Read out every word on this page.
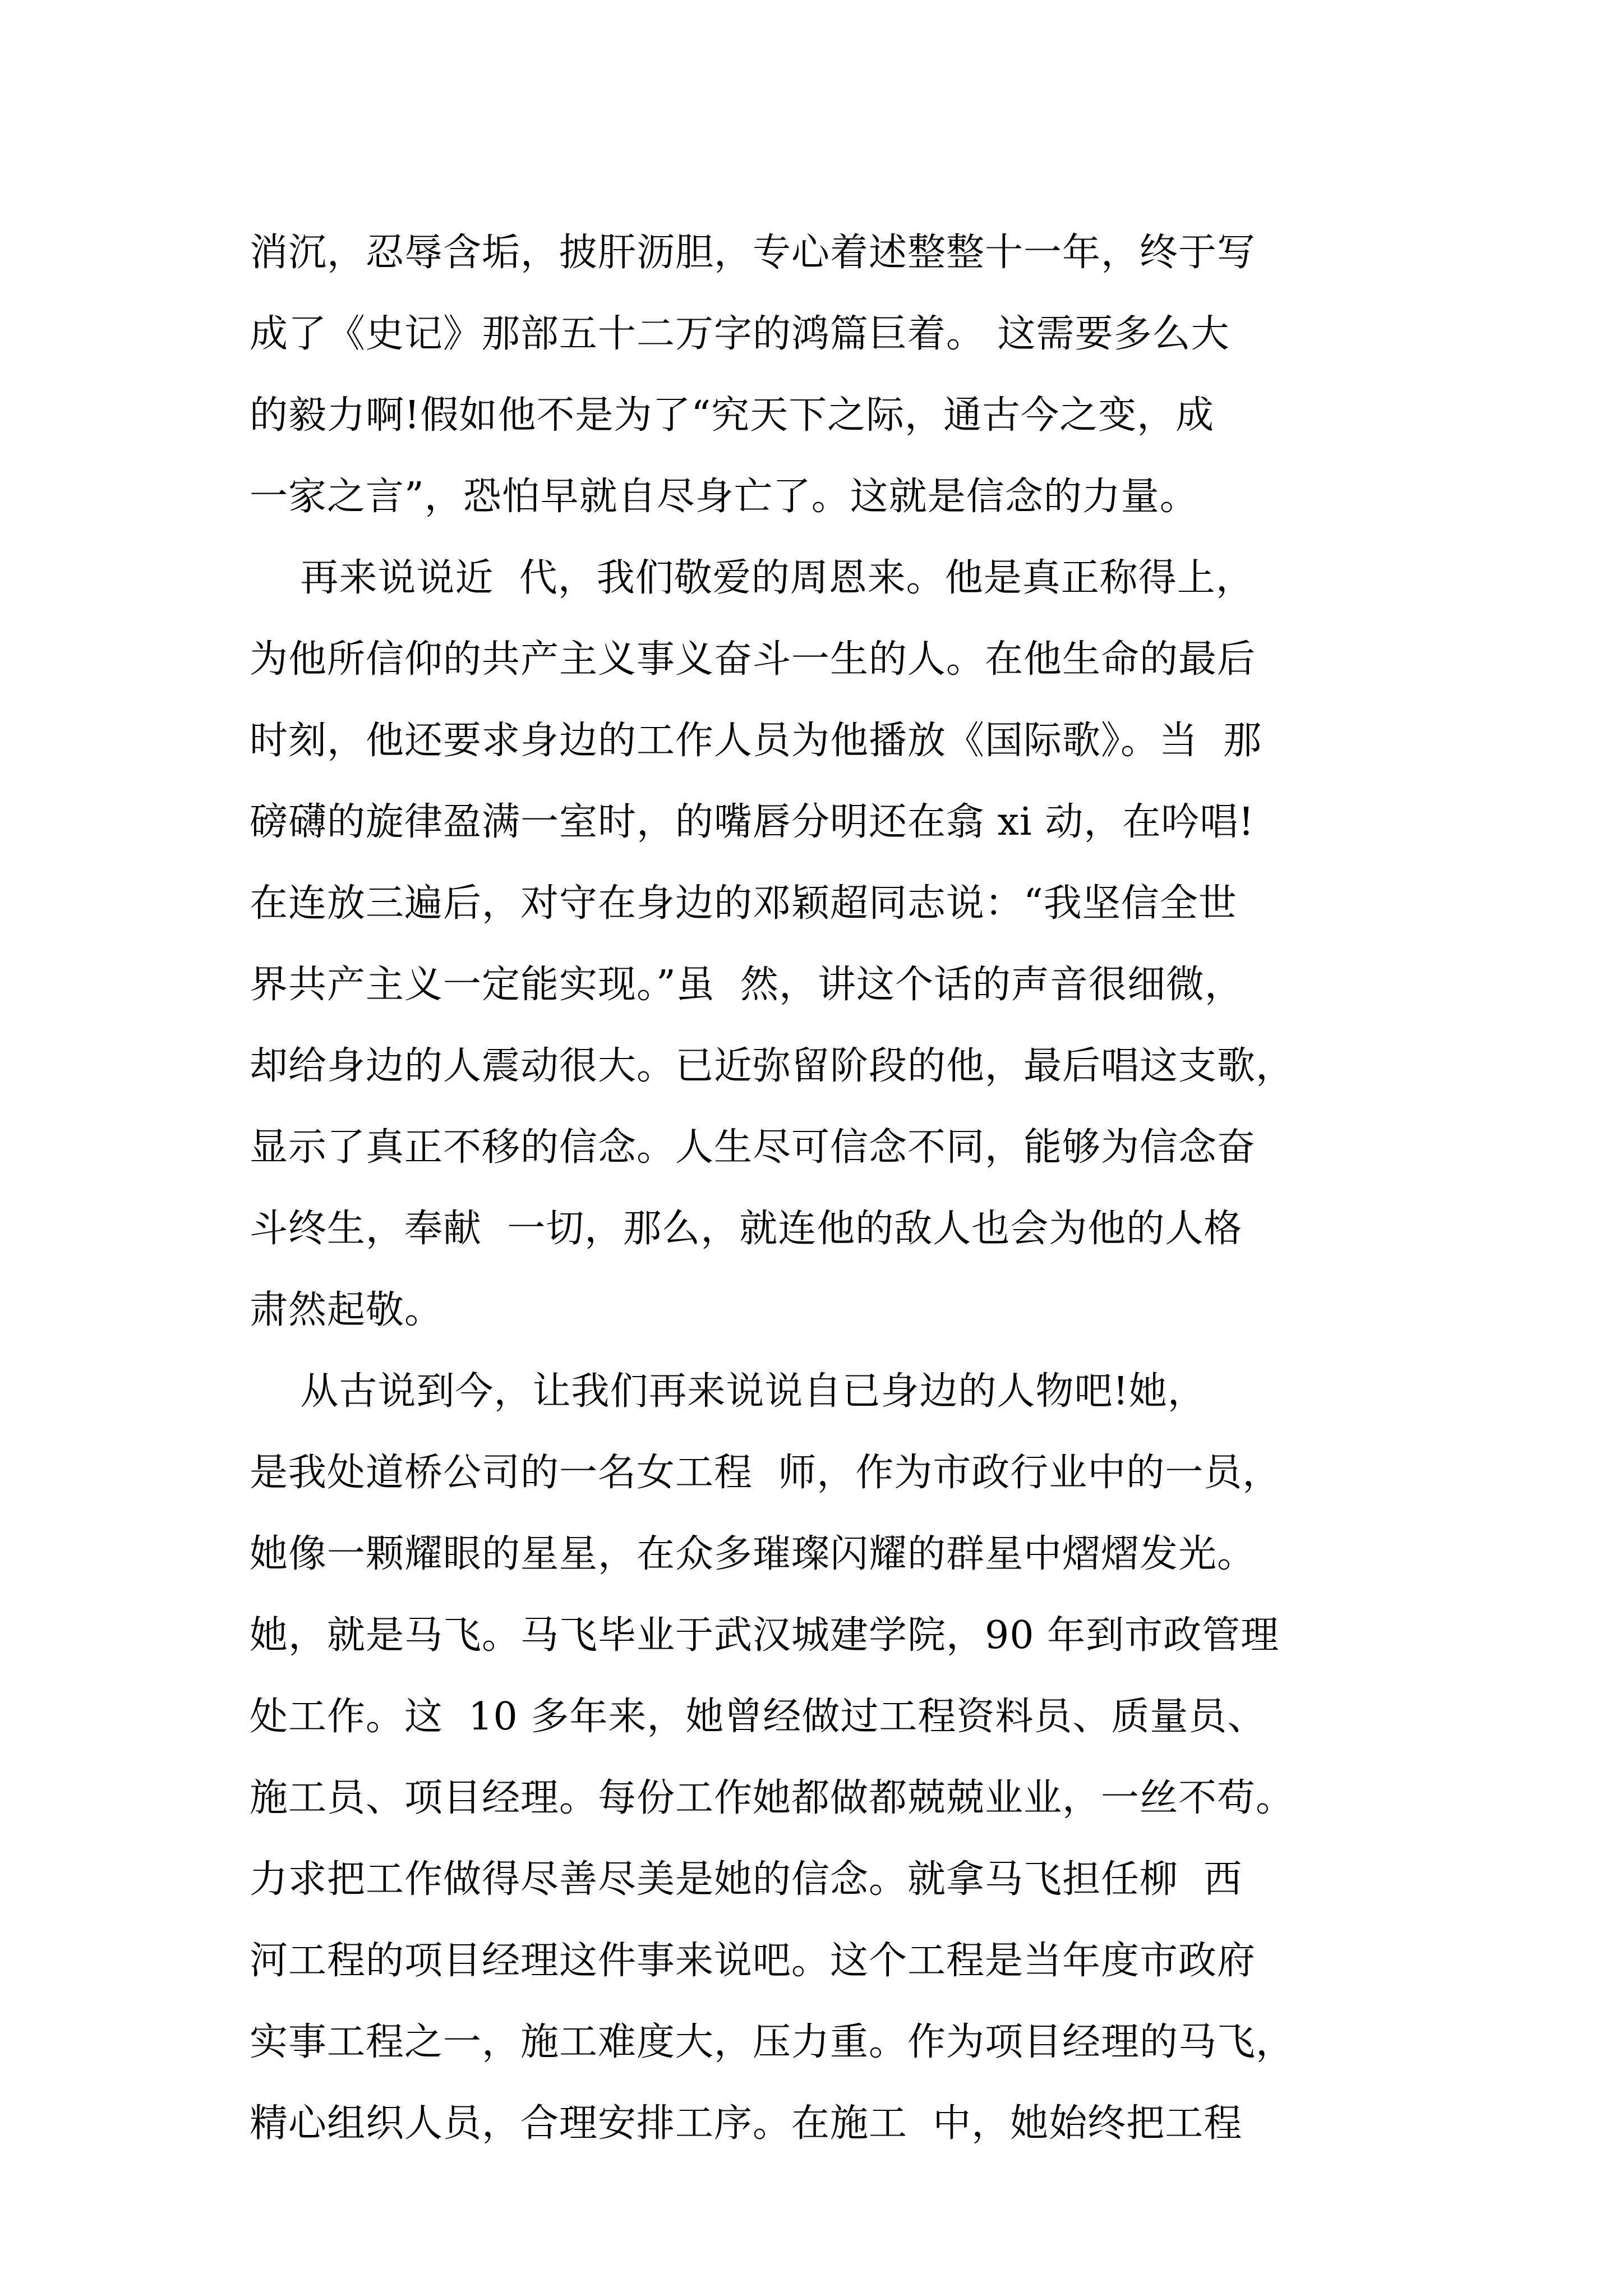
消沉，忍辱含垢，披肝沥胆，专心着述整整十一年，终于写
成了《史记》那部五十二万字的鸿篇巨着。 这需要多么大
的毅力啊!假如他不是为了“究天下之际，通古今之变，成
一家之言”，恐怕早就自尽身亡了。这就是信念的力量。
再来说说近  代，我们敬爱的周恩来。他是真正称得上，
为他所信仰的共产主义事义奋斗一生的人。在他生命的最后
时刻，他还要求身边的工作人员为他播放《国际歌》。当  那
磅礴的旋律盈满一室时，的嘴唇分明还在翕 xi 动，在吟唱!
在连放三遍后，对守在身边的邓颖超同志说：“我坚信全世
界共产主义一定能实现。”虽  然，讲这个话的声音很细微，
却给身边的人震动很大。已近弥留阶段的他，最后唱这支歌，
显示了真正不移的信念。人生尽可信念不同，能够为信念奋
斗终生，奉献  一切，那么，就连他的敌人也会为他的人格
肃然起敬。
从古说到今，让我们再来说说自已身边的人物吧!她，
是我处道桥公司的一名女工程  师，作为市政行业中的一员，
她像一颗耀眼的星星，在众多璀璨闪耀的群星中熠熠发光。
她，就是马飞。马飞毕业于武汉城建学院，90 年到市政管理
处工作。这  10 多年来，她曾经做过工程资料员、质量员、
施工员、项目经理。每份工作她都做都兢兢业业，一丝不苟。
力求把工作做得尽善尽美是她的信念。就拿马飞担任柳  西
河工程的项目经理这件事来说吧。这个工程是当年度市政府
实事工程之一，施工难度大，压力重。作为项目经理的马飞，
精心组织人员，合理安排工序。在施工  中，她始终把工程
